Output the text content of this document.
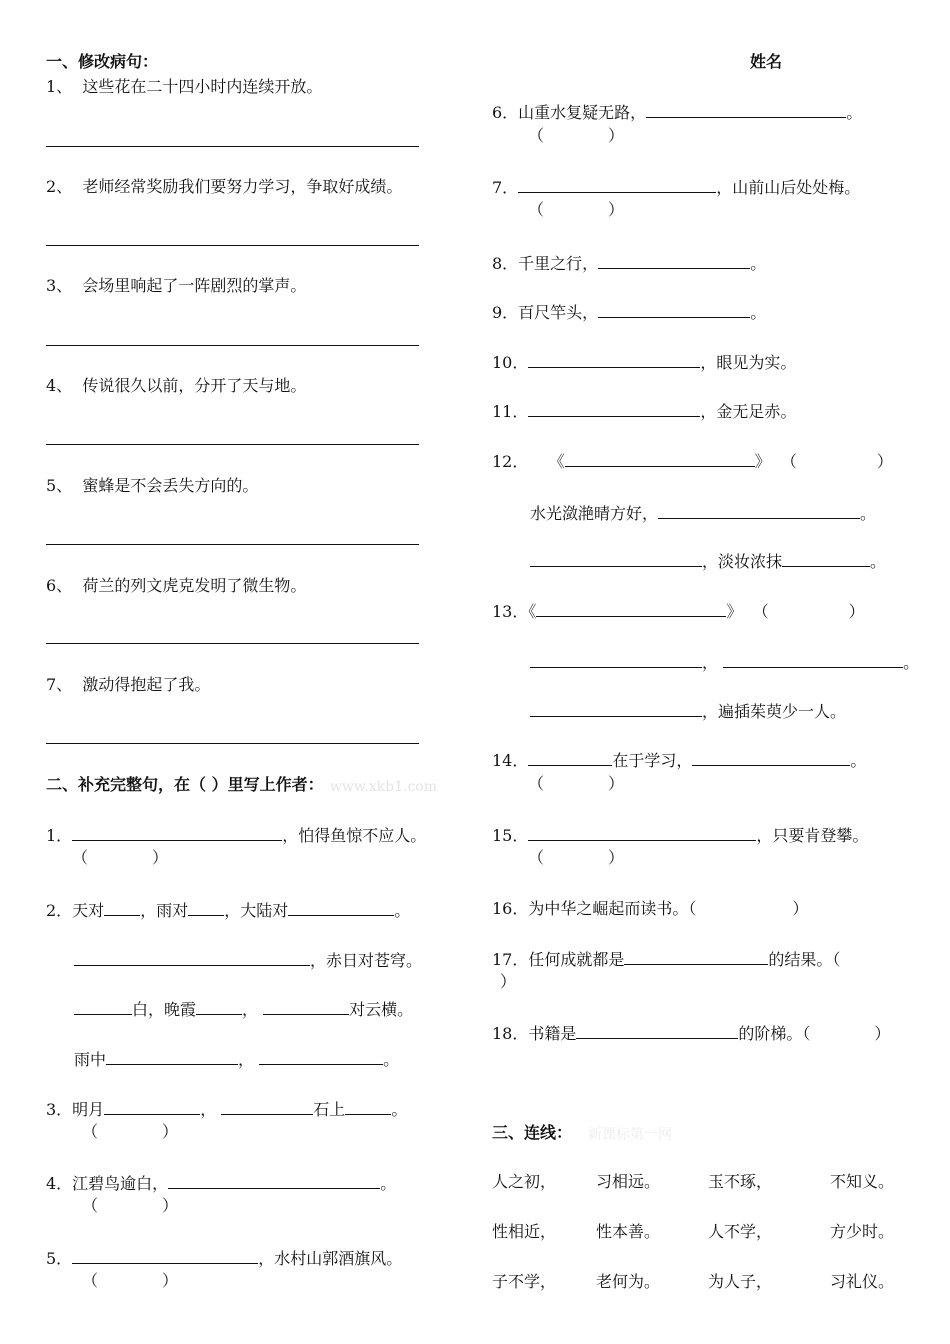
一、修改病句：	姓名
1、 这些花在二十四小时内连续开放。
2、 老师经常奖励我们要努力学习，争取好成绩。
3、 会场里响起了一阵剧烈的掌声。
4、 传说很久以前，分开了天与地。
5、 蜜蜂是不会丢失方向的。
6、 荷兰的列文虎克发明了微生物。
7、 激动得抱起了我。
二、补充完整句，在（ ）里写上作者： www.xkb1.com
1．	，怕得鱼惊不应人。
（　　　　）
2．天对 ，雨对 ，大陆对	。
，赤日对苍穹。
白，晚霞	，	对云横。
雨中	，	。
3．明月	，	石上	。
（　　　　）
4．江碧鸟逾白，	。
（　　　　）
5．	，水村山郭酒旗风。
（　　　　）
6．山重水复疑无路，	。
（　　　　）
7．	，山前山后处处梅。
（　　　　）
8．千里之行，	。
9．百尺竿头，	。
10．	，眼见为实。
11．	，金无足赤。
12． 《	》 （　　　　　）
水光潋滟晴方好，	。
，淡妆浓抹	。
13．《	》 （　　　　　）
，	。
，遍插茱萸少一人。
14．	在于学习，	。
（　　　　）
15．	，只要肯登攀。
（　　　　）
16．为中华之崛起而读书。（　　　　　　）
17．任何成就都是	的结果。（
）
18．书籍是	的阶梯。（　　　　）
三、连线： 新课标第一网
人之初， 习相远。	玉不琢，	不知义。
性相近， 性本善。	人不学，	方少时。
子不学， 老何为。	为人子，	习礼仪。
